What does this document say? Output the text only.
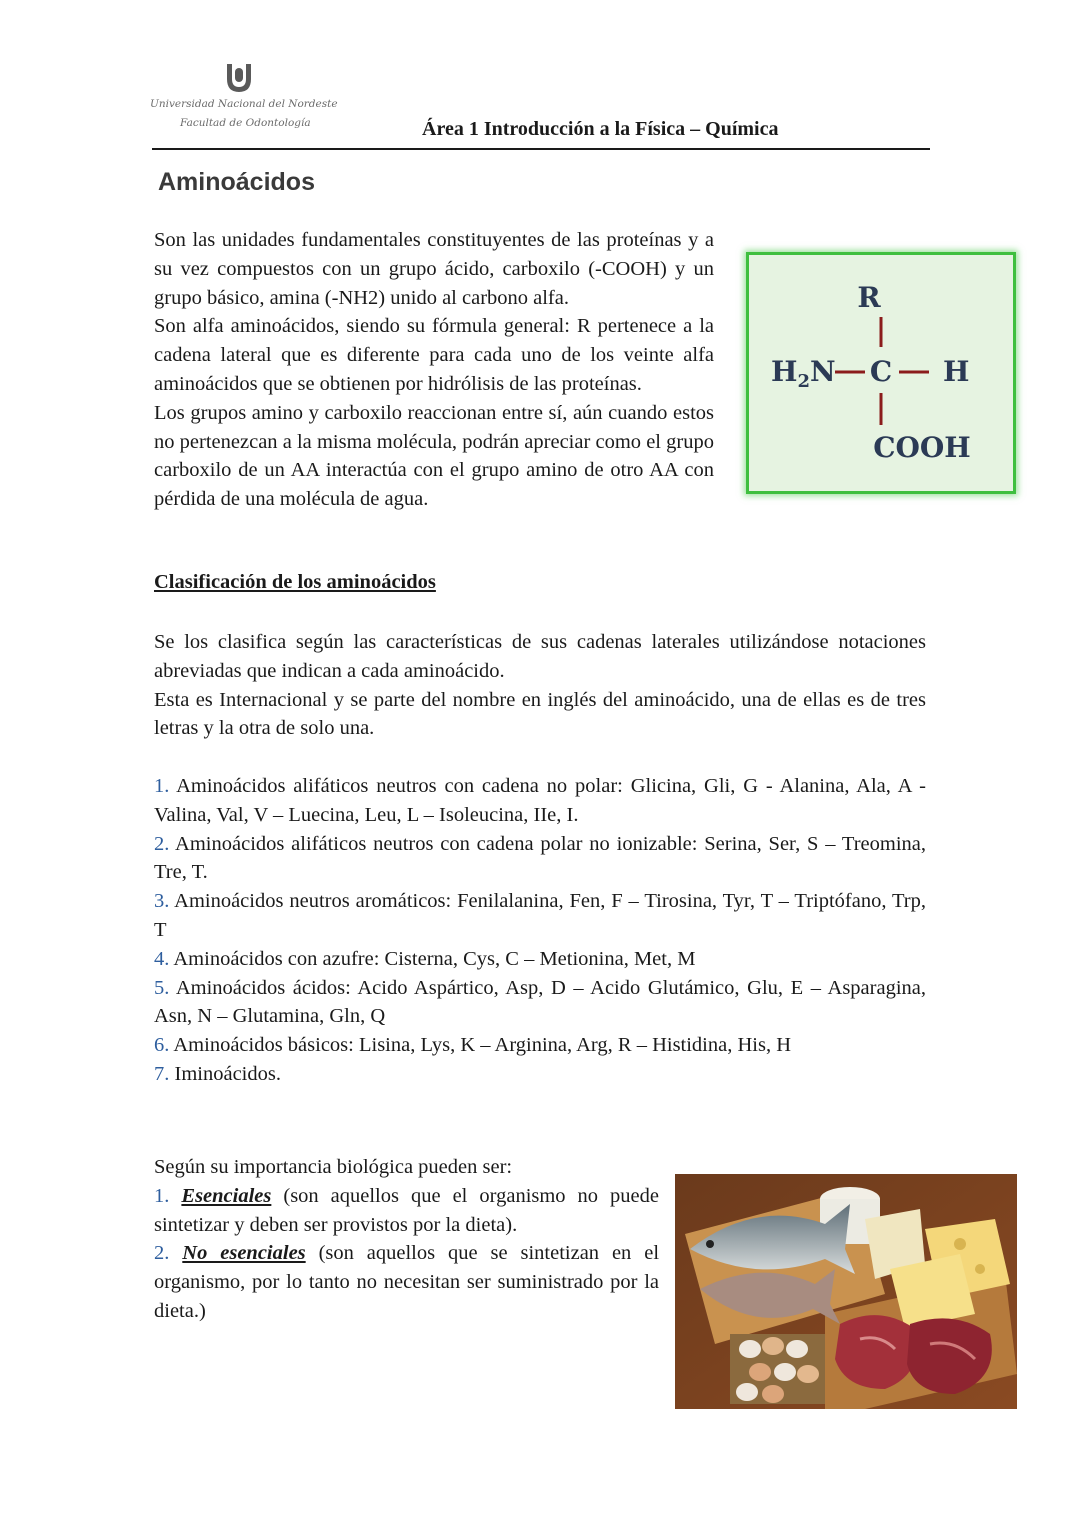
Universidad Nacional del Nordeste
Facultad de Odontología	Área 1 Introducción a la Física – Química
Aminoácidos
Son las unidades fundamentales constituyentes de las proteínas y a su vez compuestos con un grupo ácido, carboxilo (-COOH) y un grupo básico, amina (-NH2) unido al carbono alfa.
Son alfa aminoácidos, siendo su fórmula general: R pertenece a la cadena lateral que es diferente para cada uno de los veinte alfa aminoácidos que se obtienen por hidrólisis de las proteínas.
Los grupos amino y carboxilo reaccionan entre sí, aún cuando estos no pertenezcan a la misma molécula, podrán apreciar como el grupo carboxilo de un AA interactúa con el grupo amino de otro AA con pérdida de una molécula de agua.
R
$H_2N$ C H
COOH
Clasificación de los aminoácidos
Se los clasifica según las características de sus cadenas laterales utilizándose notaciones abreviadas que indican a cada aminoácido.
Esta es Internacional y se parte del nombre en inglés del aminoácido, una de ellas es de tres letras y la otra de solo una.
1. Aminoácidos alifáticos neutros con cadena no polar: Glicina, Gli, G - Alanina, Ala, A - Valina, Val, V – Luecina, Leu, L – Isoleucina, IIe, I.
2. Aminoácidos alifáticos neutros con cadena polar no ionizable: Serina, Ser, S – Treomina, Tre, T.
3. Aminoácidos neutros aromáticos: Fenilalanina, Fen, F – Tirosina, Tyr, T – Triptófano, Trp, T
4. Aminoácidos con azufre: Cisterna, Cys, C – Metionina, Met, M
5. Aminoácidos ácidos: Acido Aspártico, Asp, D – Acido Glutámico, Glu, E – Asparagina, Asn, N – Glutamina, Gln, Q
6. Aminoácidos básicos: Lisina, Lys, K – Arginina, Arg, R – Histidina, His, H
7. Iminoácidos.
Según su importancia biológica pueden ser:
1. Esenciales (son aquellos que el organismo no puede sintetizar y deben ser provistos por la dieta).
2. No esenciales (son aquellos que se sintetizan en el organismo, por lo tanto no necesitan ser suministrado por la dieta.)
